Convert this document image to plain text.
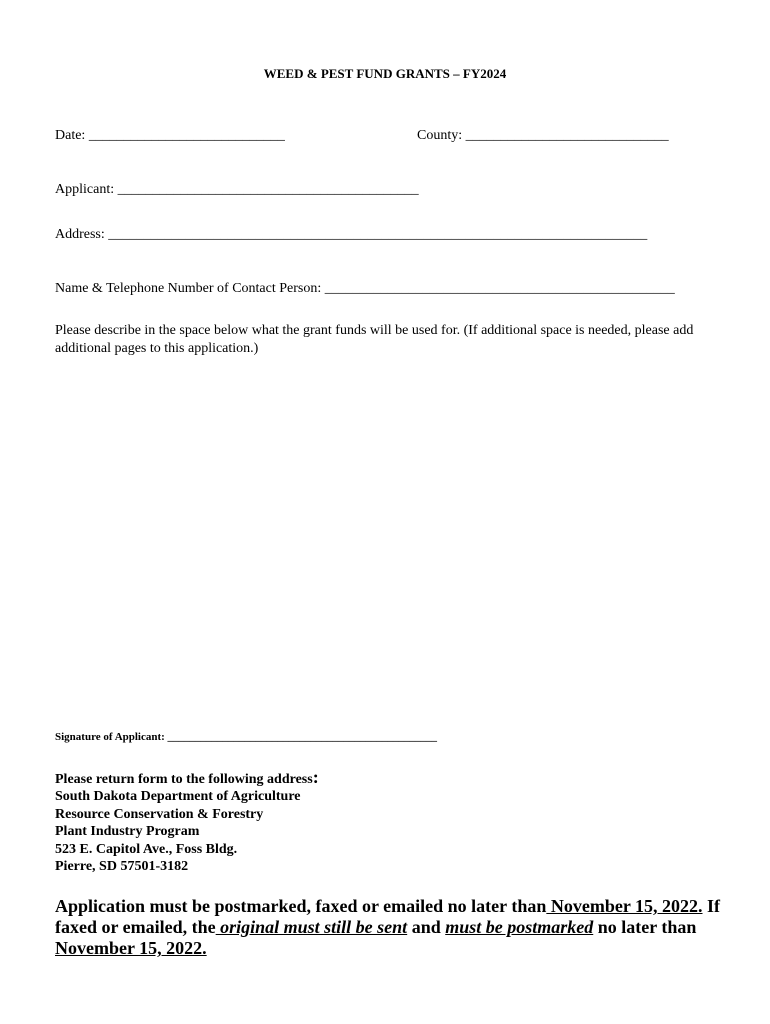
WEED & PEST FUND GRANTS – FY2024
Date: ____________________________	County: _____________________________
Applicant: ___________________________________________
Address: _____________________________________________________________________________
Name & Telephone Number of Contact Person: __________________________________________________
Please describe in the space below what the grant funds will be used for. (If additional space is needed, please add additional pages to this application.)
Signature of Applicant: _________________________________________________
Please return form to the following address:
South Dakota Department of Agriculture
Resource Conservation & Forestry
Plant Industry Program
523 E. Capitol Ave., Foss Bldg.
Pierre, SD 57501-3182
Application must be postmarked, faxed or emailed no later than November 15, 2022. If faxed or emailed, the original must still be sent and must be postmarked no later than November 15, 2022.
